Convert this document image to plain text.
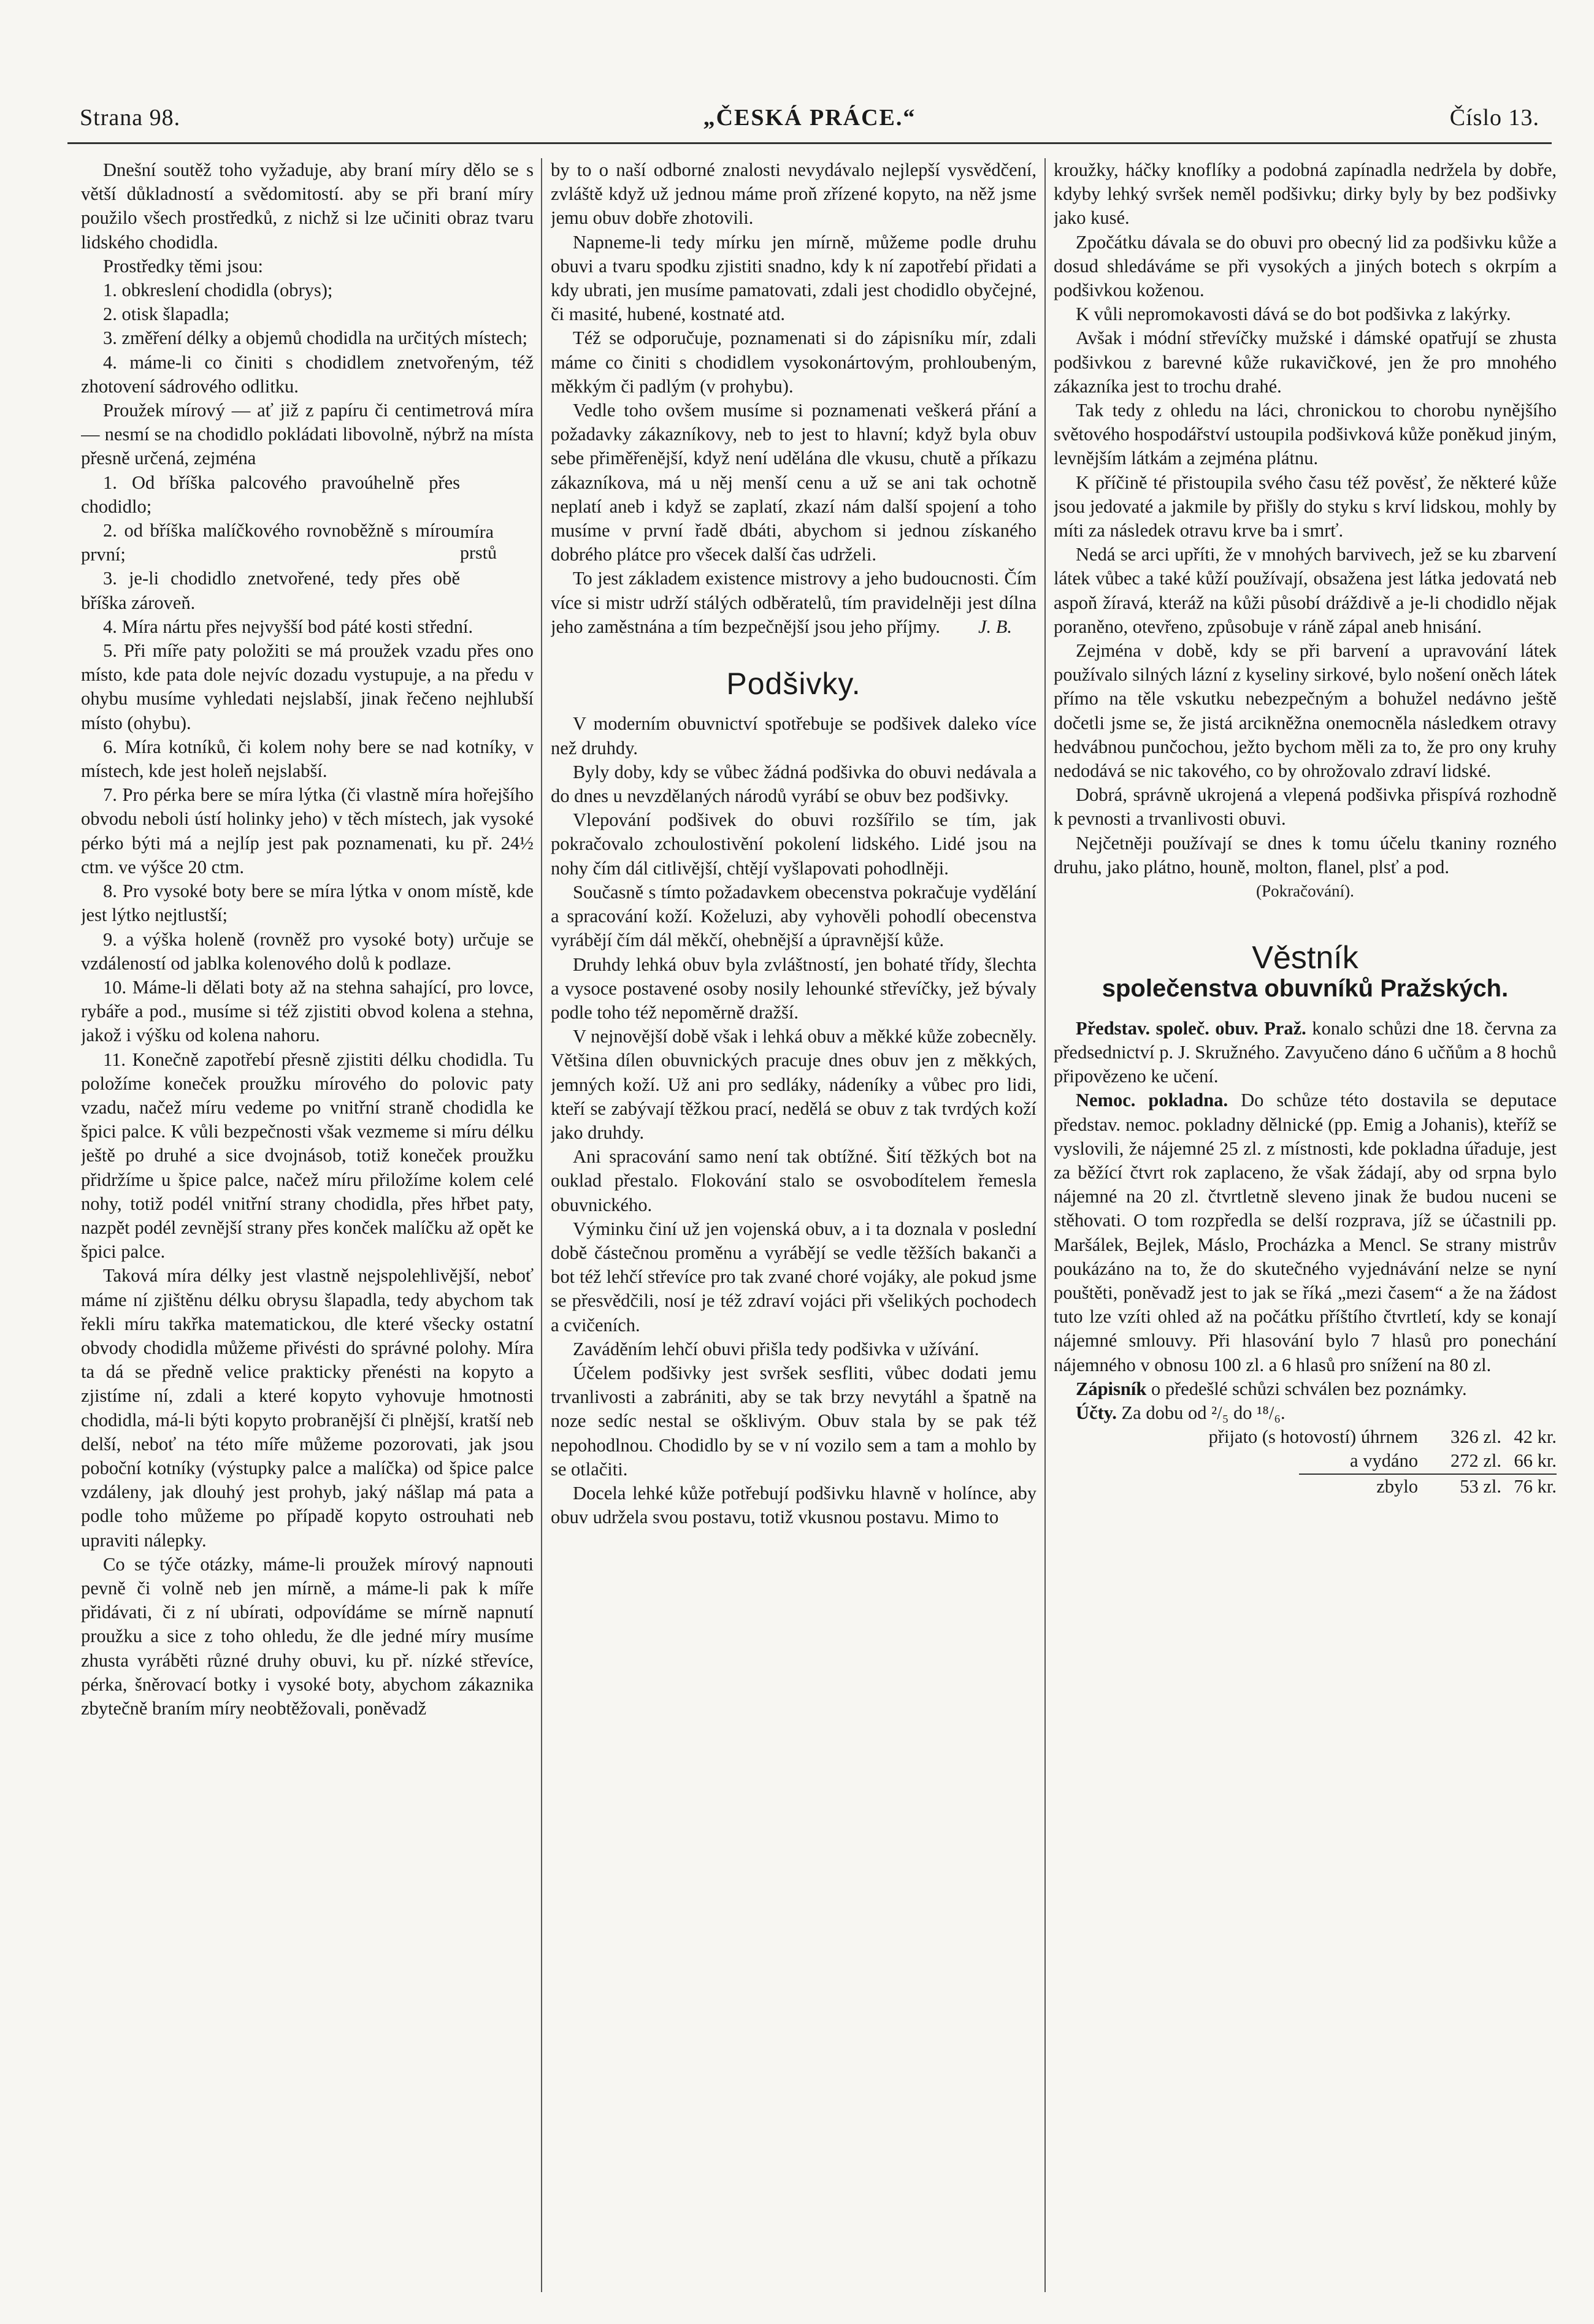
Strana 98.	„ČESKÁ PRÁCE.“	Číslo 13.

Dnešní soutěž toho vyžaduje, aby braní míry dělo se s větší důkladností a svědomitostí. aby se při braní míry použilo všech prostředků, z nichž si lze učiniti obraz tvaru lidského chodidla.

Prostředky těmi jsou:

1. obkreslení chodidla (obrys);

2. otisk šlapadla;

3. změření délky a objemů chodidla na určitých místech;

4. máme-li co činiti s chodidlem znetvořeným, též zhotovení sádrového odlitku.

Proužek mírový — ať již z papíru či centimetrová míra — nesmí se na chodidlo pokládati libovolně, nýbrž na místa přesně určená, zejména

1. Od bříška palcového pravoúhelně přes chodidlo;

2. od bříška malíčkového rovnoběžně s mírou první;

3. je-li chodidlo znetvořené, tedy přes obě bříška zároveň.

míra prstů

4. Míra nártu přes nejvyšší bod páté kosti střední.

5. Při míře paty položiti se má proužek vzadu přes ono místo, kde pata dole nejvíc dozadu vystupuje, a na předu v ohybu musíme vyhledati nejslabší, jinak řečeno nejhlubší místo (ohybu).

6. Míra kotníků, či kolem nohy bere se nad kotníky, v místech, kde jest holeň nejslabší.

7. Pro pérka bere se míra lýtka (či vlastně míra hořejšího obvodu neboli ústí holinky jeho) v těch místech, jak vysoké pérko býti má a nejlíp jest pak poznamenati, ku př. 24½ ctm. ve výšce 20 ctm.

8. Pro vysoké boty bere se míra lýtka v onom místě, kde jest lýtko nejtlustší;

9. a výška holeně (rovněž pro vysoké boty) určuje se vzdáleností od jablka kolenového dolů k podlaze.

10. Máme-li dělati boty až na stehna sahající, pro lovce, rybáře a pod., musíme si též zjistiti obvod kolena a stehna, jakož i výšku od kolena nahoru.

11. Konečně zapotřebí přesně zjistiti délku chodidla. Tu položíme koneček proužku mírového do polovic paty vzadu, načež míru vedeme po vnitřní straně chodidla ke špici palce. K vůli bezpečnosti však vezmeme si míru délku ještě po druhé a sice dvojnásob, totiž koneček proužku přidržíme u špice palce, načež míru přiložíme kolem celé nohy, totiž podél vnitřní strany chodidla, přes hřbet paty, nazpět podél zevnější strany přes konček malíčku až opět ke špici palce.

Taková míra délky jest vlastně nejspolehlivější, neboť máme ní zjištěnu délku obrysu šlapadla, tedy abychom tak řekli míru takřka matematickou, dle které všecky ostatní obvody chodidla můžeme přivésti do správné polohy. Míra ta dá se předně velice prakticky přenésti na kopyto a zjistíme ní, zdali a které kopyto vyhovuje hmotnosti chodidla, má-li býti kopyto probranější či plnější, kratší neb delší, neboť na této míře můžeme pozorovati, jak jsou poboční kotníky (výstupky palce a malíčka) od špice palce vzdáleny, jak dlouhý jest prohyb, jaký nášlap má pata a podle toho můžeme po případě kopyto ostrouhati neb upraviti nálepky.

Co se týče otázky, máme-li proužek mírový napnouti pevně či volně neb jen mírně, a máme-li pak k míře přidávati, či z ní ubírati, odpovídáme se mírně napnutí proužku a sice z toho ohledu, že dle jedné míry musíme zhusta vyráběti různé druhy obuvi, ku př. nízké střevíce, pérka, šněrovací botky i vysoké boty, abychom zákaznika zbytečně braním míry neobtěžovali, poněvadž

by to o naší odborné znalosti nevydávalo nejlepší vysvědčení, zvláště když už jednou máme proň zřízené kopyto, na něž jsme jemu obuv dobře zhotovili.

Napneme-li tedy mírku jen mírně, můžeme podle druhu obuvi a tvaru spodku zjistiti snadno, kdy k ní zapotřebí přidati a kdy ubrati, jen musíme pamatovati, zdali jest chodidlo obyčejné, či masité, hubené, kostnaté atd.

Též se odporučuje, poznamenati si do zápisníku mír, zdali máme co činiti s chodidlem vysokonártovým, prohloubeným, měkkým či padlým (v prohybu).

Vedle toho ovšem musíme si poznamenati veškerá přání a požadavky zákazníkovy, neb to jest to hlavní; když byla obuv sebe přiměřenější, když není udělána dle vkusu, chutě a příkazu zákazníkova, má u něj menší cenu a už se ani tak ochotně neplatí aneb i když se zaplatí, zkazí nám další spojení a toho musíme v první řadě dbáti, abychom si jednou získaného dobrého plátce pro všecek další čas udrželi.

To jest základem existence mistrovy a jeho budoucnosti. Čím více si mistr udrží stálých odběratelů, tím pravidelněji jest dílna jeho zaměstnána a tím bezpečnější jsou jeho příjmy.	J. B.

Podšivky.

V moderním obuvnictví spotřebuje se podšivek daleko více než druhdy.

Byly doby, kdy se vůbec žádná podšivka do obuvi nedávala a do dnes u nevzdělaných národů vyrábí se obuv bez podšivky.

Vlepování podšivek do obuvi rozšířilo se tím, jak pokračovalo zchoulostivění pokolení lidského. Lidé jsou na nohy čím dál citlivější, chtějí vyšlapovati pohodlněji.

Současně s tímto požadavkem obecenstva pokračuje vydělání a spracování koží. Koželuzi, aby vyhověli pohodlí obecenstva vyrábějí čím dál měkčí, ohebnější a úpravnější kůže.

Druhdy lehká obuv byla zvláštností, jen bohaté třídy, šlechta a vysoce postavené osoby nosily lehounké střevíčky, jež bývaly podle toho též nepoměrně dražší.

V nejnovější době však i lehká obuv a měkké kůže zobecněly. Většina dílen obuvnických pracuje dnes obuv jen z měkkých, jemných koží. Už ani pro sedláky, nádeníky a vůbec pro lidi, kteří se zabývají těžkou prací, nedělá se obuv z tak tvrdých koží jako druhdy.

Ani spracování samo není tak obtížné. Šití těžkých bot na ouklad přestalo. Flokování stalo se osvobodítelem řemesla obuvnického.

Výminku činí už jen vojenská obuv, a i ta doznala v poslední době částečnou proměnu a vyrábějí se vedle těžších bakanči a bot též lehčí střevíce pro tak zvané choré vojáky, ale pokud jsme se přesvědčili, nosí je též zdraví vojáci při všelikých pochodech a cvičeních.

Zaváděním lehčí obuvi přišla tedy podšivka v užívání.

Účelem podšivky jest svršek sesfliti, vůbec dodati jemu trvanlivosti a zabrániti, aby se tak brzy nevytáhl a špatně na noze sedíc nestal se ošklivým. Obuv stala by se pak též nepohodlnou. Chodidlo by se v ní vozilo sem a tam a mohlo by se otlačiti.

Docela lehké kůže potřebují podšivku hlavně v holínce, aby obuv udržela svou postavu, totiž vkusnou postavu. Mimo to

kroužky, háčky knoflíky a podobná zapínadla nedržela by dobře, kdyby lehký svršek neměl podšivku; dirky byly by bez podšivky jako kusé.

Zpočátku dávala se do obuvi pro obecný lid za podšivku kůže a dosud shledáváme se při vysokých a jiných botech s okrpím a podšivkou koženou.

K vůli nepromokavosti dává se do bot podšivka z lakýrky.

Avšak i módní střevíčky mužské i dámské opatřují se zhusta podšivkou z barevné kůže rukavičkové, jen že pro mnohého zákazníka jest to trochu drahé.

Tak tedy z ohledu na láci, chronickou to chorobu nynějšího světového hospodářství ustoupila podšivková kůže poněkud jiným, levnějším látkám a zejména plátnu.

K příčině té přistoupila svého času též pověsť, že některé kůže jsou jedovaté a jakmile by přišly do styku s krví lidskou, mohly by míti za následek otravu krve ba i smrť.

Nedá se arci upříti, že v mnohých barvivech, jež se ku zbarvení látek vůbec a také kůží používají, obsažena jest látka jedovatá neb aspoň žíravá, kteráž na kůži působí dráždivě a je-li chodidlo nějak poraněno, otevřeno, způsobuje v ráně zápal aneb hnisání.

Zejména v době, kdy se při barvení a upravování látek používalo silných lázní z kyseliny sirkové, bylo nošení oněch látek přímo na těle vskutku nebezpečným a bohužel nedávno ještě dočetli jsme se, že jistá arcikněžna onemocněla následkem otravy hedvábnou punčochou, ježto bychom měli za to, že pro ony kruhy nedodává se nic takového, co by ohrožovalo zdraví lidské.

Dobrá, správně ukrojená a vlepená podšivka přispívá rozhodně k pevnosti a trvanlivosti obuvi.

Nejčetněji používají se dnes k tomu účelu tkaniny rozného druhu, jako plátno, houně, molton, flanel, plsť a pod.

(Pokračování).

Věstník
společenstva obuvníků Pražských.

Představ. společ. obuv. Praž. konalo schůzi dne 18. června za předsednictví p. J. Skružného. Zavyučeno dáno 6 učňům a 8 hochů připovězeno ke učení.

Nemoc. pokladna. Do schůze této dostavila se deputace představ. nemoc. pokladny dělnické (pp. Emig a Johanis), kteříž se vyslovili, že nájemné 25 zl. z místnosti, kde pokladna úřaduje, jest za běžící čtvrt rok zaplaceno, že však žádají, aby od srpna bylo nájemné na 20 zl. čtvrtletně sleveno jinak že budou nuceni se stěhovati. O tom rozpředla se delší rozprava, jíž se účastnili pp. Maršálek, Bejlek, Máslo, Procházka a Mencl. Se strany mistrův poukázáno na to, že do skutečného vyjednávání nelze se nyní pouštěti, poněvadž jest to jak se říká „mezi časem“ a že na žádost tuto lze vzíti ohled až na počátku příštího čtvrtletí, kdy se konají nájemné smlouvy. Při hlasování bylo 7 hlasů pro ponechání nájemného v obnosu 100 zl. a 6 hlasů pro snížení na 80 zl.

Zápisník o předešlé schůzi schválen bez poznámky.

Účty. Za dobu od ²/₅ do ¹⁸/₆.

přijato (s hotovostí) úhrnem	326 zl. 42 kr.
a vydáno	272 zl. 66 kr.
zbylo	53 zl. 76 kr.
